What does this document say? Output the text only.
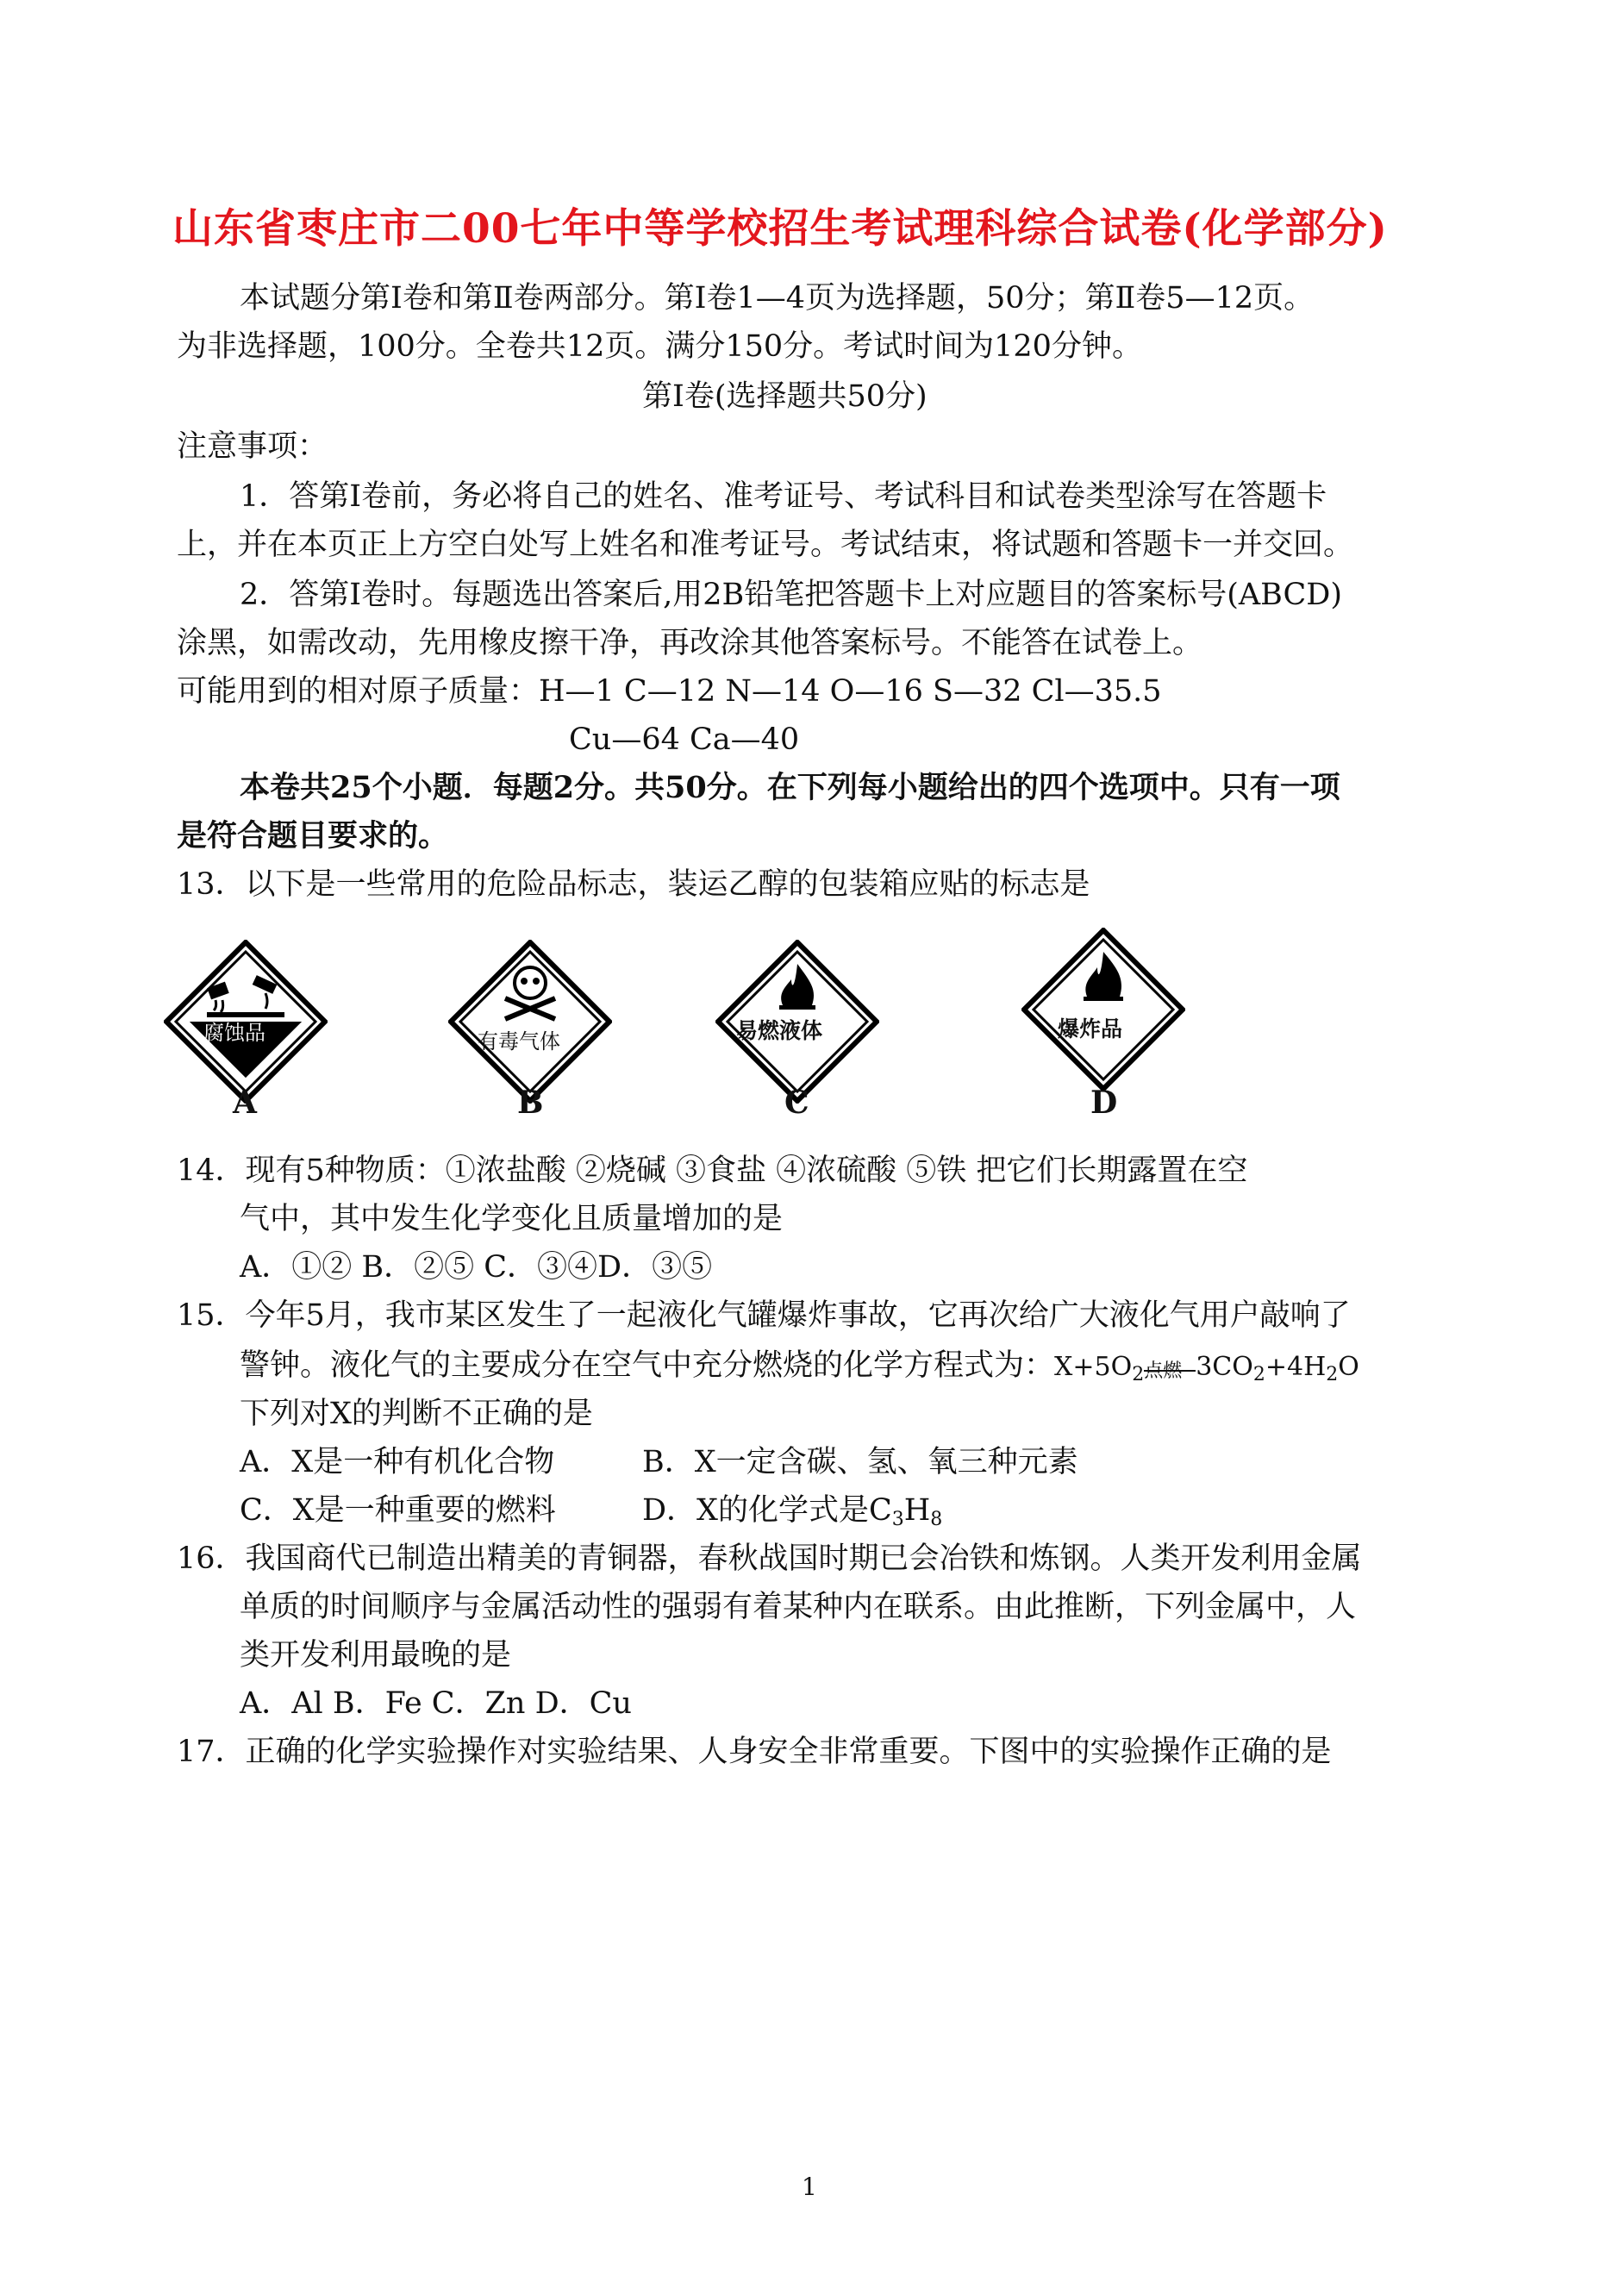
山东省枣庄市二00七年中等学校招生考试理科综合试卷(化学部分)
本试题分第Ⅰ卷和第Ⅱ卷两部分。第Ⅰ卷1—4页为选择题，50分；第Ⅱ卷5—12页。
为非选择题，100分。全卷共12页。满分150分。考试时间为120分钟。
第Ⅰ卷(选择题共50分)
注意事项：
1．答第Ⅰ卷前，务必将自己的姓名、准考证号、考试科目和试卷类型涂写在答题卡
上，并在本页正上方空白处写上姓名和准考证号。考试结束，将试题和答题卡一并交回。
2．答第Ⅰ卷时。每题选出答案后,用2B铅笔把答题卡上对应题目的答案标号(ABCD)
涂黑，如需改动，先用橡皮擦干净，再改涂其他答案标号。不能答在试卷上。
可能用到的相对原子质量：H—1 C—12 N—14 O—16 S—32 Cl—35.5
Cu—64 Ca—40
本卷共25个小题．每题2分。共50分。在下列每小题给出的四个选项中。只有一项
是符合题目要求的。
13．以下是一些常用的危险品标志，装运乙醇的包装箱应贴的标志是
腐蚀品
A
有毒气体
B
易燃液体
C
爆炸品
D
14．现有5种物质：①浓盐酸 ②烧碱 ③食盐 ④浓硫酸 ⑤铁 把它们长期露置在空
气中，其中发生化学变化且质量增加的是
A．①② B．②⑤ C．③④D．③⑤
15．今年5月，我市某区发生了一起液化气罐爆炸事故，它再次给广大液化气用户敲响了
警钟。液化气的主要成分在空气中充分燃烧的化学方程式为：$X+5O_2$ 点燃 $3CO_2+4H_2O$
下列对X的判断不正确的是
A．X是一种有机化合物	B．X一定含碳、氢、氧三种元素
C．X是一种重要的燃料	D．X的化学式是$C_3H_8$
16．我国商代已制造出精美的青铜器，春秋战国时期已会冶铁和炼钢。人类开发利用金属
单质的时间顺序与金属活动性的强弱有着某种内在联系。由此推断，下列金属中，人
类开发利用最晚的是
A．Al B．Fe C．Zn D．Cu
17．正确的化学实验操作对实验结果、人身安全非常重要。下图中的实验操作正确的是
1
